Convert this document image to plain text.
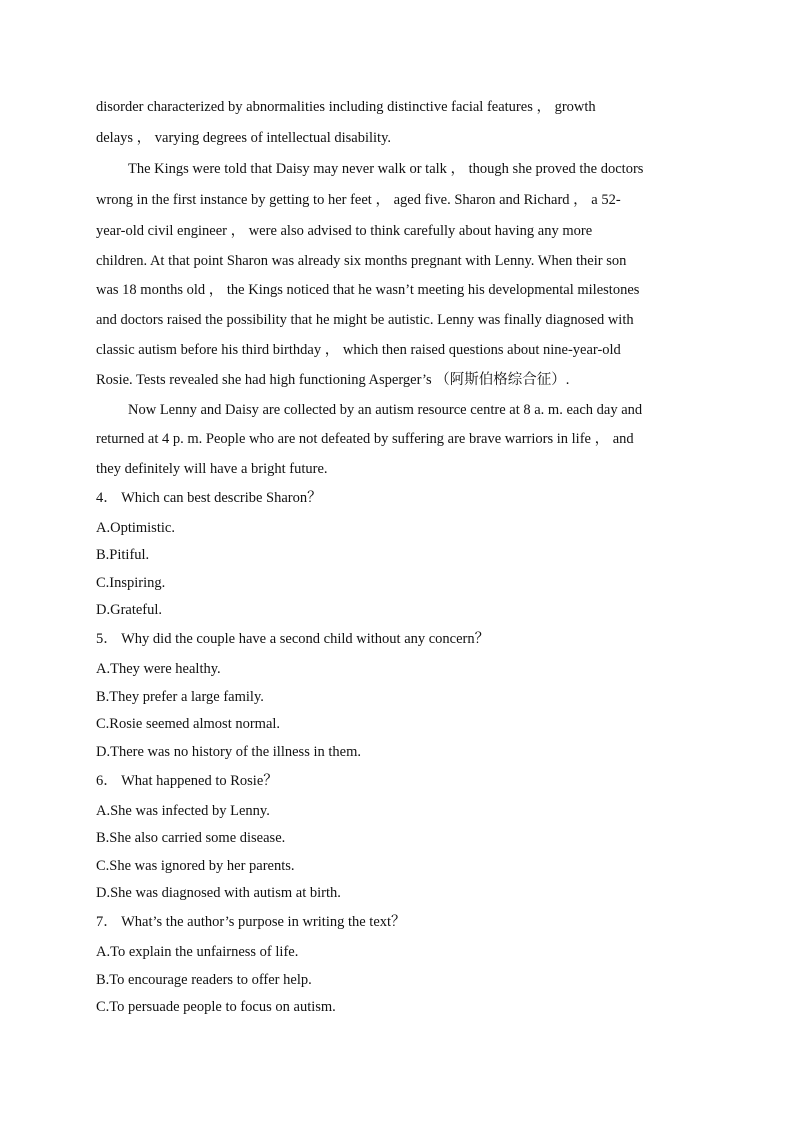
disorder characterized by abnormalities including distinctive facial features ， growth
delays ， varying degrees of intellectual disability.
The Kings were told that Daisy may never walk or talk ， though she proved the doctors
wrong in the first instance by getting to her feet ， aged five. Sharon and Richard ， a 52-
year-old civil engineer ， were also advised to think carefully about having any more
children. At that point Sharon was already six months pregnant with Lenny. When their son
was 18 months old ， the Kings noticed that he wasn’t meeting his developmental milestones
and doctors raised the possibility that he might be autistic. Lenny was finally diagnosed with
classic autism before his third birthday ， which then raised questions about nine-year-old
Rosie. Tests revealed she had high functioning Asperger’s （阿斯伯格综合征）.
Now Lenny and Daisy are collected by an autism resource centre at 8 a. m. each day and
returned at 4 p. m. People who are not defeated by suffering are brave warriors in life ， and
they definitely will have a bright future.
4． Which can best describe Sharon？
A.Optimistic.
B.Pitiful.
C.Inspiring.
D.Grateful.
5． Why did the couple have a second child without any concern？
A.They were healthy.
B.They prefer a large family.
C.Rosie seemed almost normal.
D.There was no history of the illness in them.
6． What happened to Rosie？
A.She was infected by Lenny.
B.She also carried some disease.
C.She was ignored by her parents.
D.She was diagnosed with autism at birth.
7． What’s the author’s purpose in writing the text？
A.To explain the unfairness of life.
B.To encourage readers to offer help.
C.To persuade people to focus on autism.
